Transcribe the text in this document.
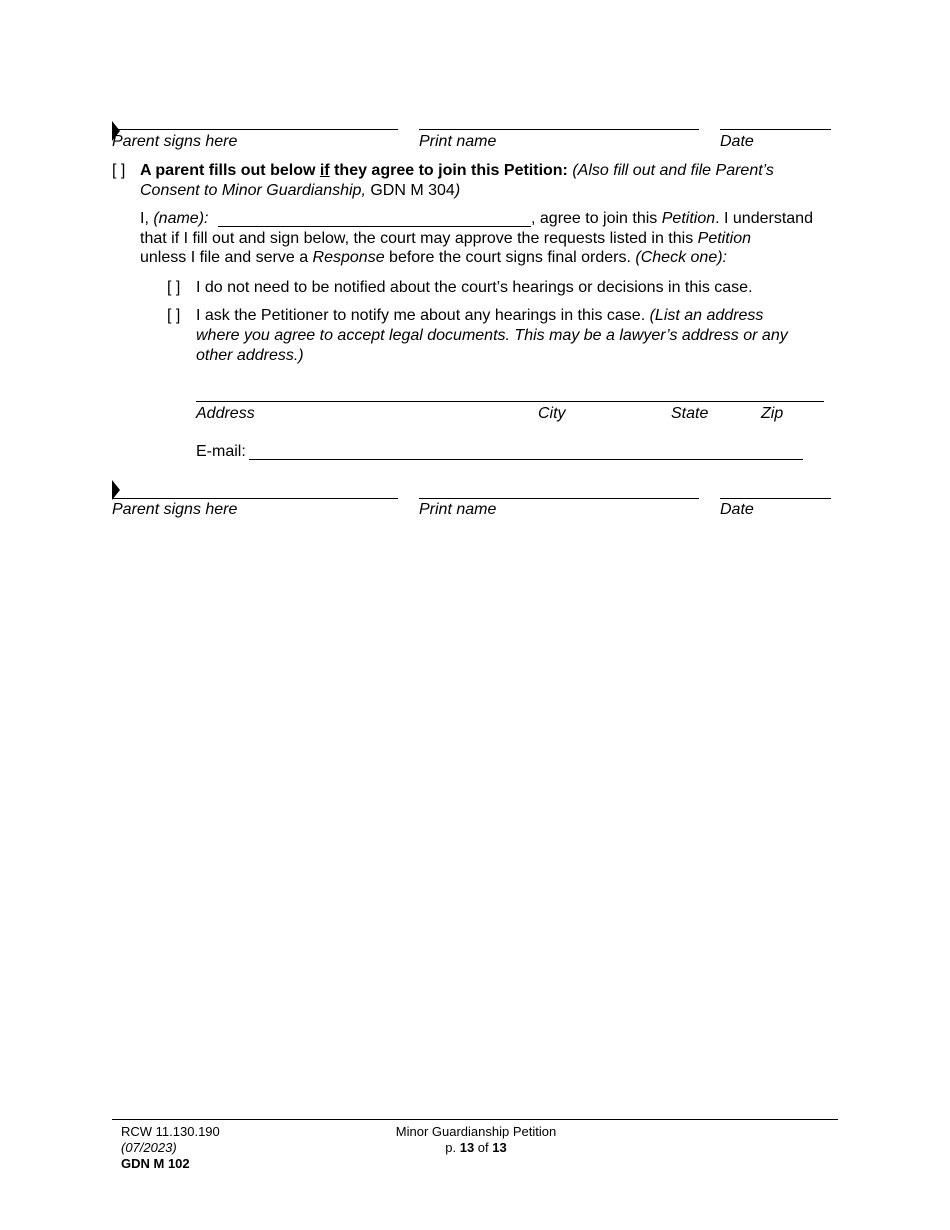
Parent signs here	Print name	Date
[ ] A parent fills out below if they agree to join this Petition: (Also fill out and file Parent’s
Consent to Minor Guardianship, GDN M 304)
I, (name):	, agree to join this Petition. I understand
that if I fill out and sign below, the court may approve the requests listed in this Petition
unless I file and serve a Response before the court signs final orders. (Check one):
[ ] I do not need to be notified about the court’s hearings or decisions in this case.
[ ] I ask the Petitioner to notify me about any hearings in this case. (List an address
where you agree to accept legal documents. This may be a lawyer’s address or any
other address.)
Address	City	State	Zip
E-mail:
Parent signs here	Print name	Date
RCW 11.130.190
(07/2023)
GDN M 102
Minor Guardianship Petition
p. 13 of 13
